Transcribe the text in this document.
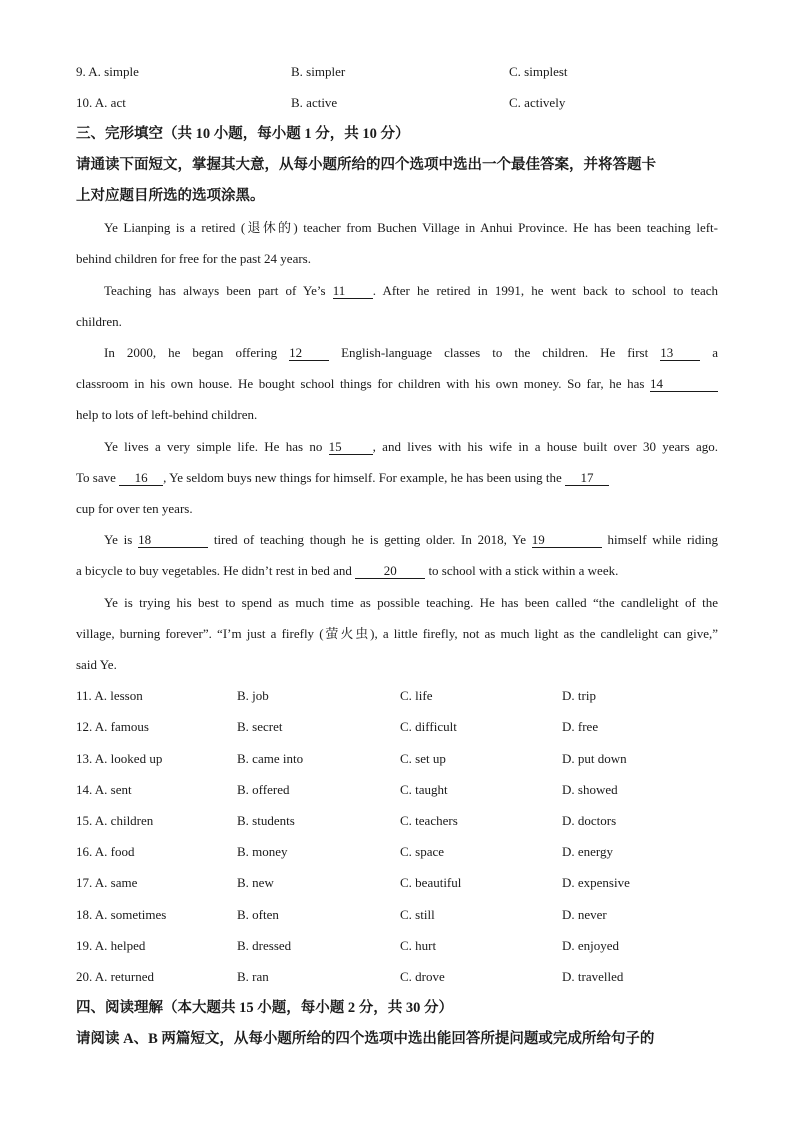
9. A. simple	B. simpler	C. simplest
10. A. act	B. active	C. actively
三、完形填空（共 10 小题，每小题 1 分，共 10 分）
请通读下面短文，掌握其大意，从每小题所给的四个选项中选出一个最佳答案，并将答题卡
上对应题目所选的选项涂黑。
Ye Lianping is a retired (退休的) teacher from Buchen Village in Anhui Province. He has been teaching left-
behind children for free for the past 24 years.
Teaching has always been part of Ye’s 11 . After he retired in 1991, he went back to school to teach
children.
In 2000, he began offering 12 English-language classes to the children. He first 13 a
classroom in his own house. He bought school things for children with his own money. So far, he has 14
help to lots of left-behind children.
Ye lives a very simple life. He has no 15 , and lives with his wife in a house built over 30 years ago.
To save 16 , Ye seldom buys new things for himself. For example, he has been using the 17
cup for over ten years.
Ye is 18	tired of teaching though he is getting older. In 2018, Ye 19	himself while riding
a bicycle to buy vegetables. He didn’t rest in bed and 20 to school with a stick within a week.
Ye is trying his best to spend as much time as possible teaching. He has been called “the candlelight of the
village, burning forever”. “I’m just a firefly (萤火虫), a little firefly, not as much light as the candlelight can give,”
said Ye.
11. A. lesson	B. job	C. life	D. trip
12. A. famous	B. secret	C. difficult	D. free
13. A. looked up	B. came into	C. set up	D. put down
14. A. sent	B. offered	C. taught	D. showed
15. A. children	B. students	C. teachers	D. doctors
16. A. food	B. money	C. space	D. energy
17. A. same	B. new	C. beautiful	D. expensive
18. A. sometimes	B. often	C. still	D. never
19. A. helped	B. dressed	C. hurt	D. enjoyed
20. A. returned	B. ran	C. drove	D. travelled
四、阅读理解（本大题共 15 小题，每小题 2 分，共 30 分）
请阅读 A、B 两篇短文，从每小题所给的四个选项中选出能回答所提问题或完成所给句子的
